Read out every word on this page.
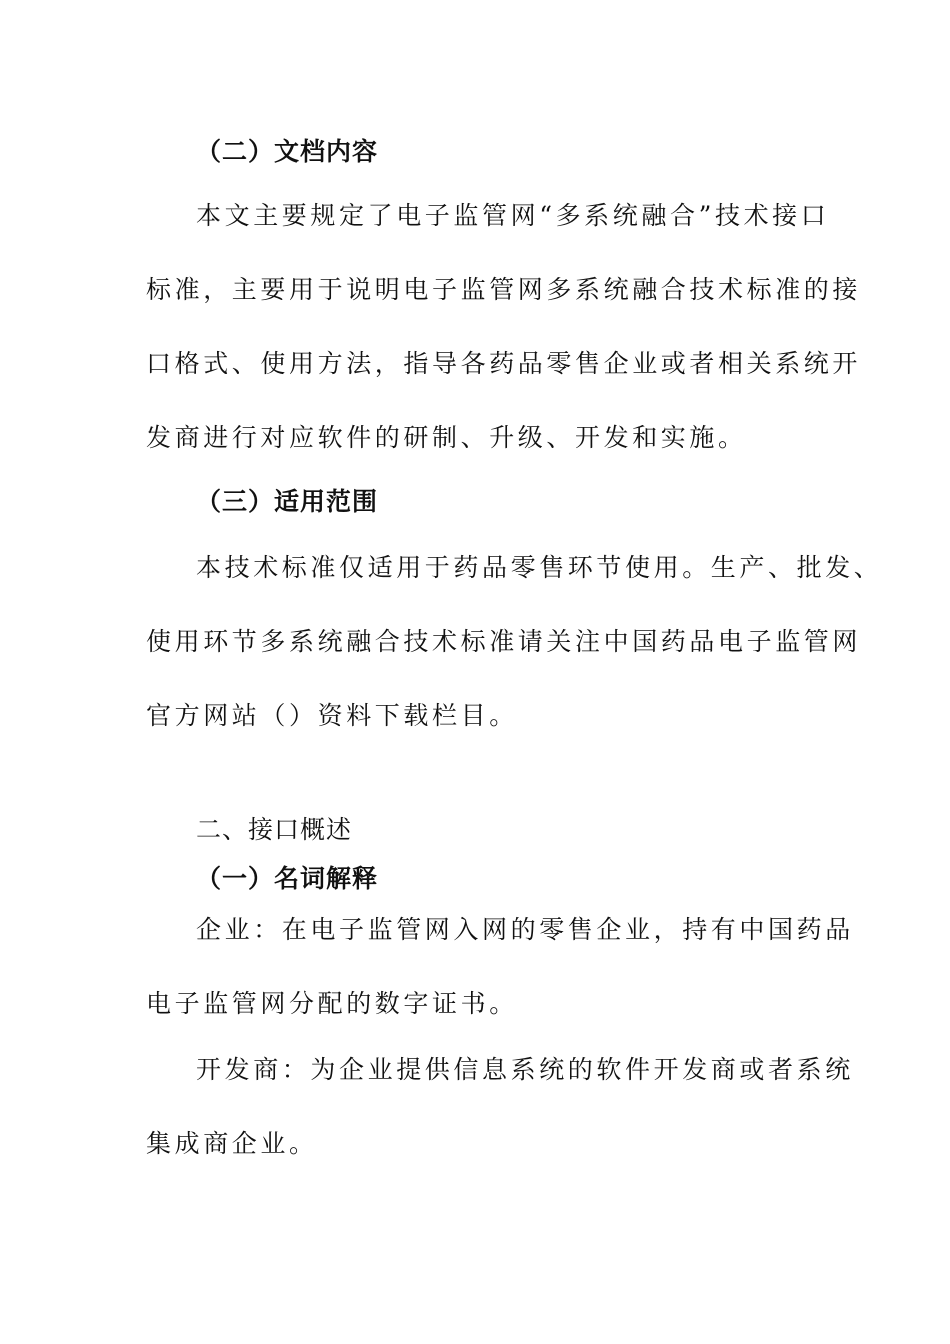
（二）文档内容
本文主要规定了电子监管网“多系统融合”技术接口
标准，主要用于说明电子监管网多系统融合技术标准的接
口格式、使用方法，指导各药品零售企业或者相关系统开
发商进行对应软件的研制、升级、开发和实施。
（三）适用范围
本技术标准仅适用于药品零售环节使用。生产、批发、
使用环节多系统融合技术标准请关注中国药品电子监管网
官方网站（）资料下载栏目。
二、接口概述
（一）名词解释
企业：在电子监管网入网的零售企业，持有中国药品
电子监管网分配的数字证书。
开发商：为企业提供信息系统的软件开发商或者系统
集成商企业。
